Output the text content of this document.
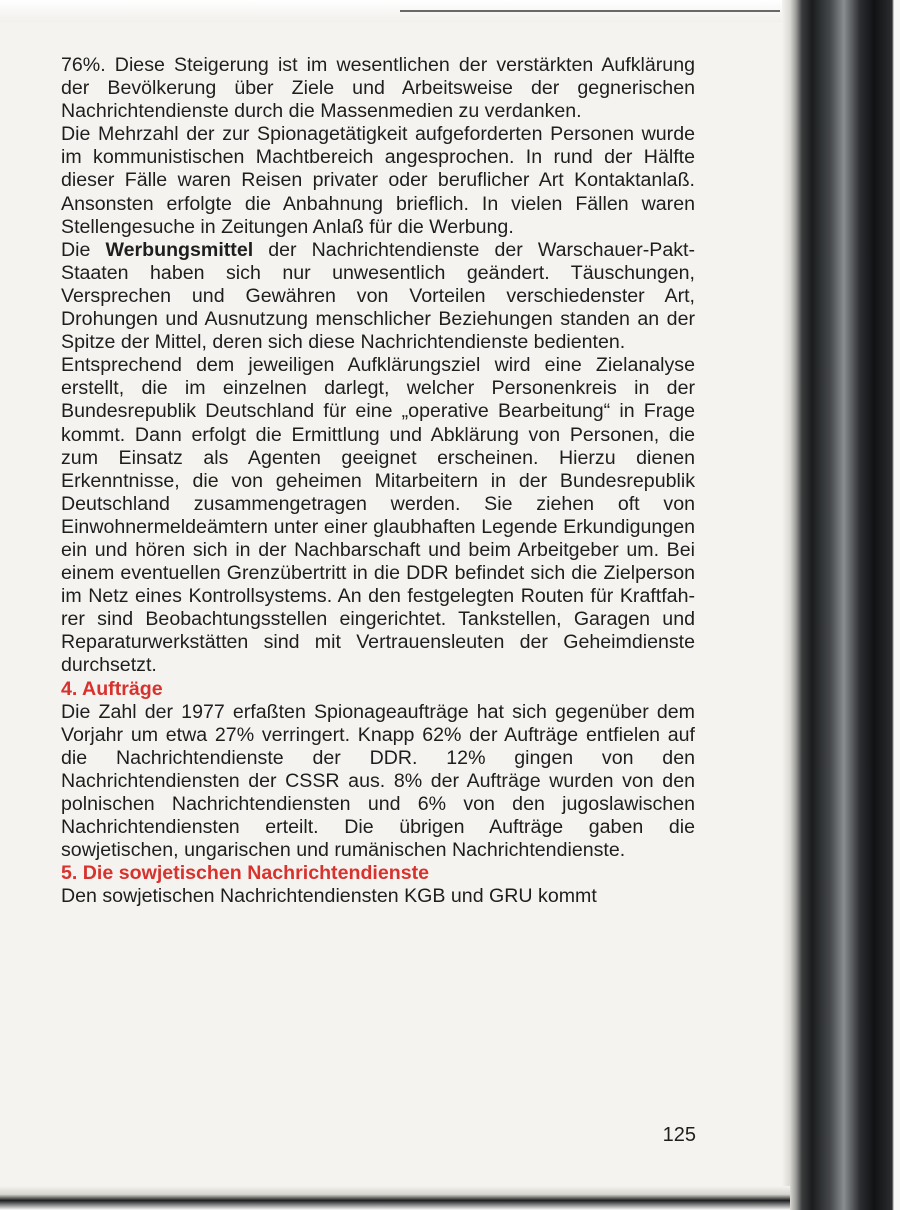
76%. Diese Steigerung ist im wesentlichen der verstärkten Aufklärung der Bevölkerung über Ziele und Arbeitsweise der gegnerischen Nachrichtendienste durch die Massenmedien zu verdanken.

Die Mehrzahl der zur Spionagetätigkeit aufgeforderten Personen wurde im kommunistischen Machtbereich angesprochen. In rund der Hälfte dieser Fälle waren Reisen privater oder beruflicher Art Kontaktanlaß. Ansonsten erfolgte die Anbahnung brieflich. In vielen Fällen waren Stellengesuche in Zeitungen Anlaß für die Werbung.

Die Werbungsmittel der Nachrichtendienste der Warschauer-Pakt-Staaten haben sich nur unwesentlich geändert. Täuschungen, Versprechen und Gewähren von Vorteilen verschiedenster Art, Drohungen und Ausnutzung menschlicher Beziehungen standen an der Spitze der Mittel, deren sich diese Nachrichtendienste bedienten.

Entsprechend dem jeweiligen Aufklärungsziel wird eine Zielanalyse erstellt, die im einzelnen darlegt, welcher Personenkreis in der Bundesrepublik Deutschland für eine „operative Bearbeitung“ in Frage kommt. Dann erfolgt die Ermittlung und Abklärung von Personen, die zum Einsatz als Agenten geeignet erscheinen. Hierzu dienen Erkenntnisse, die von geheimen Mitarbeitern in der Bundesrepublik Deutschland zusammengetragen werden. Sie ziehen oft von Einwohnermeldeämtern unter einer glaubhaften Legende Erkundigungen ein und hören sich in der Nachbarschaft und beim Arbeitgeber um. Bei einem eventuellen Grenzübertritt in die DDR befindet sich die Zielperson im Netz eines Kontrollsystems. An den festgelegten Routen für Kraftfahrer sind Beobachtungsstellen eingerichtet. Tankstellen, Garagen und Reparaturwerkstätten sind mit Vertrauensleuten der Geheimdienste durchsetzt.

4. Aufträge

Die Zahl der 1977 erfaßten Spionageaufträge hat sich gegenüber dem Vorjahr um etwa 27% verringert. Knapp 62% der Aufträge entfielen auf die Nachrichtendienste der DDR. 12% gingen von den Nachrichtendiensten der CSSR aus. 8% der Aufträge wurden von den polnischen Nachrichtendiensten und 6% von den jugoslawischen Nachrichtendiensten erteilt. Die übrigen Aufträge gaben die sowjetischen, ungarischen und rumänischen Nachrichtendienste.

5. Die sowjetischen Nachrichtendienste

Den sowjetischen Nachrichtendiensten KGB und GRU kommt

125
